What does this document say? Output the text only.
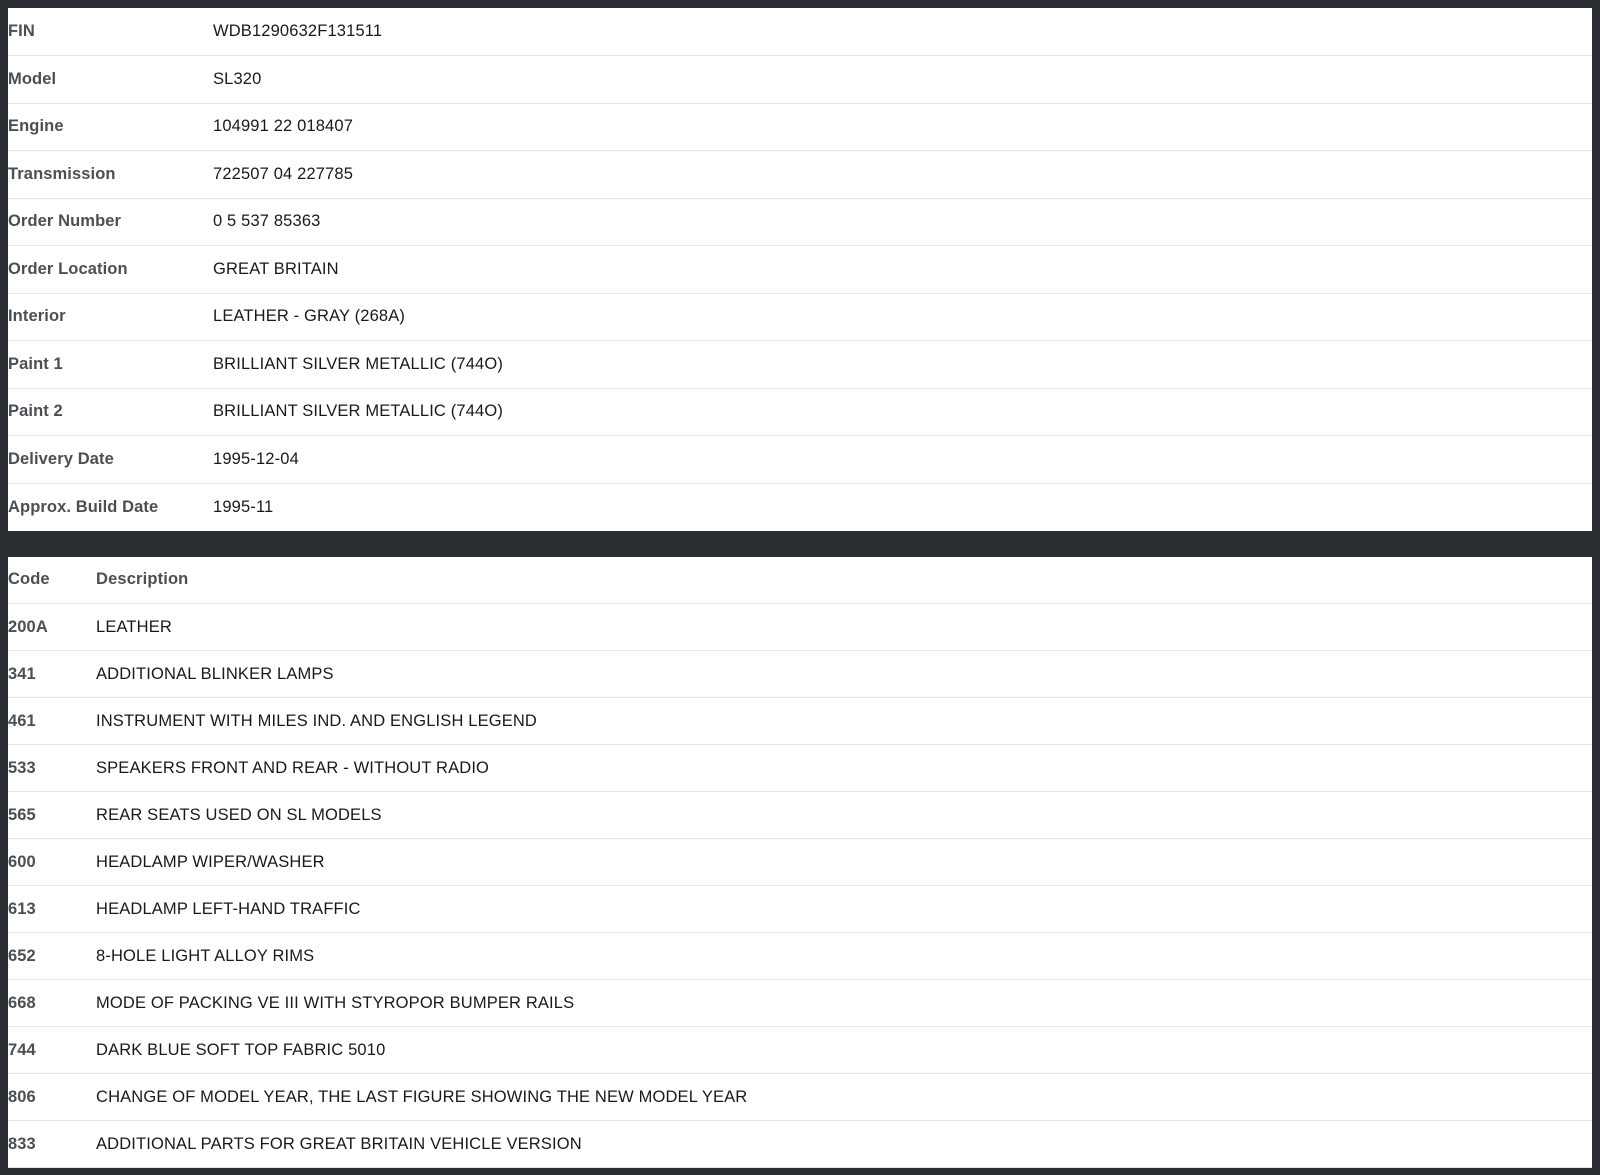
FIN	WDB1290632F131511
Model	SL320
Engine	104991 22 018407
Transmission	722507 04 227785
Order Number	0 5 537 85363
Order Location	GREAT BRITAIN
Interior	LEATHER - GRAY (268A)
Paint 1	BRILLIANT SILVER METALLIC (744O)
Paint 2	BRILLIANT SILVER METALLIC (744O)
Delivery Date	1995-12-04
Approx. Build Date	1995-11
Code	Description
200A	LEATHER
341	ADDITIONAL BLINKER LAMPS
461	INSTRUMENT WITH MILES IND. AND ENGLISH LEGEND
533	SPEAKERS FRONT AND REAR - WITHOUT RADIO
565	REAR SEATS USED ON SL MODELS
600	HEADLAMP WIPER/WASHER
613	HEADLAMP LEFT-HAND TRAFFIC
652	8-HOLE LIGHT ALLOY RIMS
668	MODE OF PACKING VE III WITH STYROPOR BUMPER RAILS
744	DARK BLUE SOFT TOP FABRIC 5010
806	CHANGE OF MODEL YEAR, THE LAST FIGURE SHOWING THE NEW MODEL YEAR
833	ADDITIONAL PARTS FOR GREAT BRITAIN VEHICLE VERSION
